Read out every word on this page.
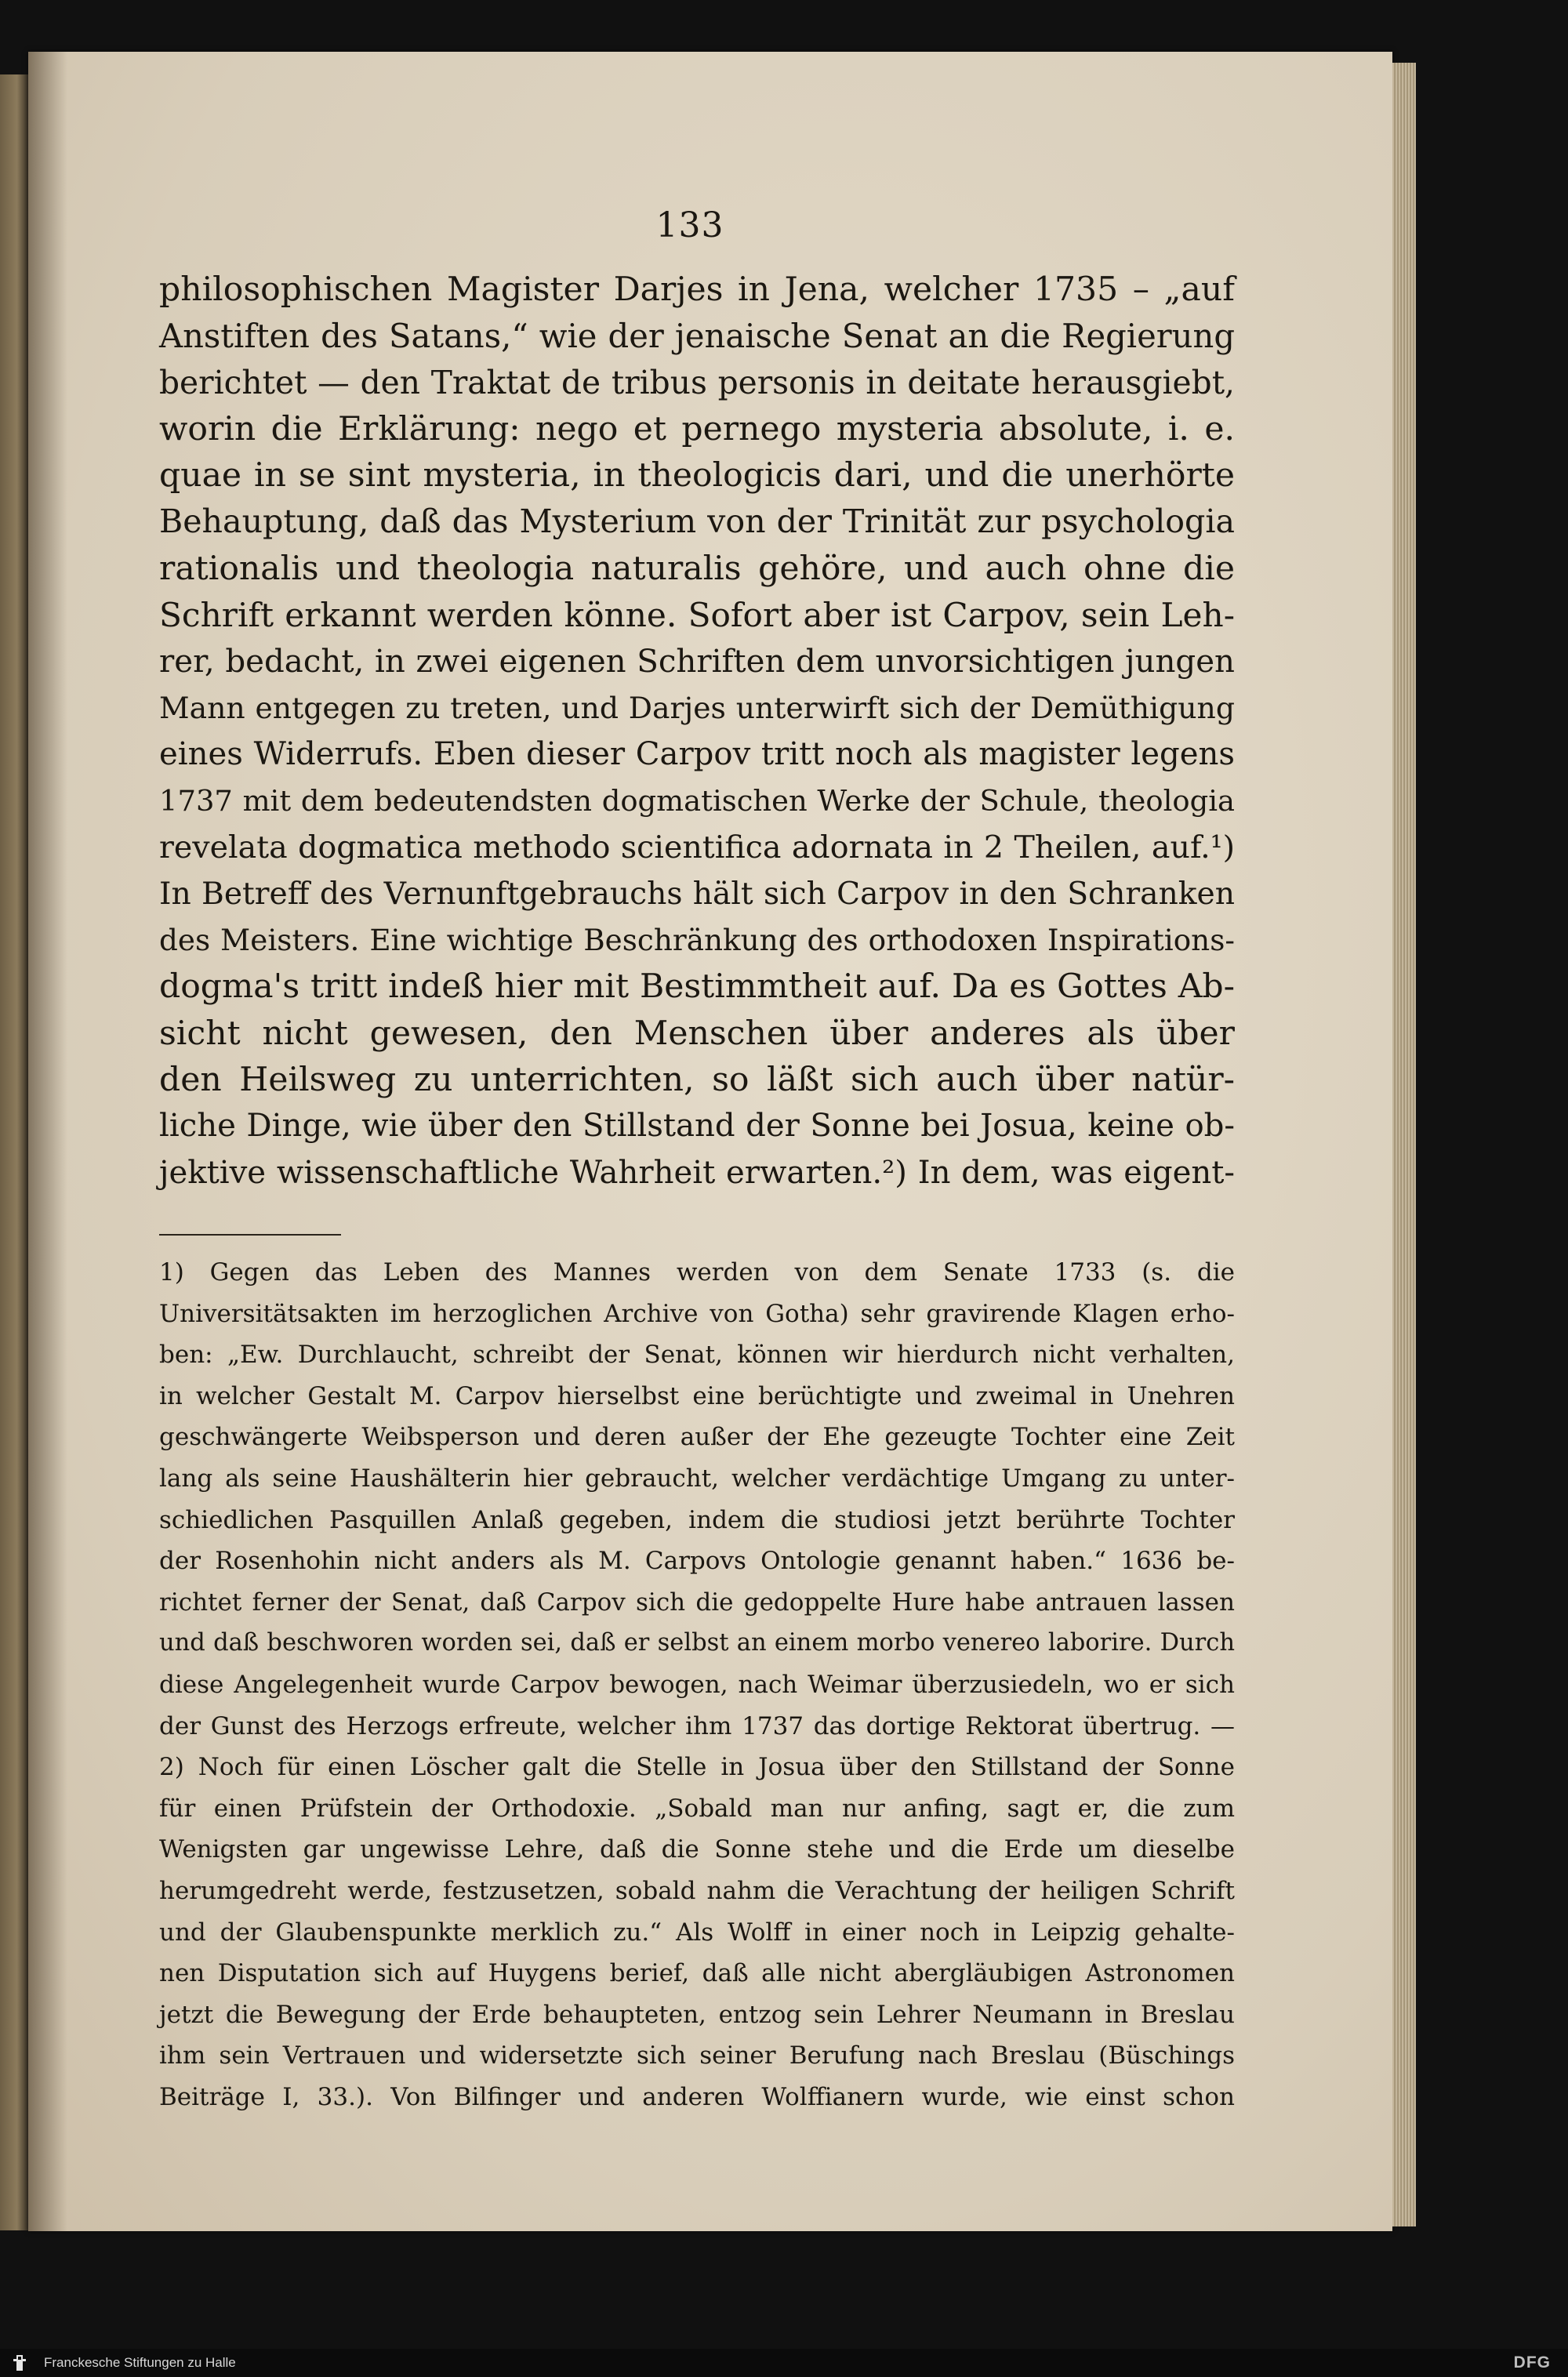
133
philosophischen Magister Darjes in Jena, welcher 1735 – „auf
Anstiften des Satans,“ wie der jenaische Senat an die Regierung
berichtet — den Traktat de tribus personis in deitate herausgiebt,
worin die Erklärung: nego et pernego mysteria absolute, i. e.
quae in se sint mysteria, in theologicis dari, und die unerhörte
Behauptung, daß das Mysterium von der Trinität zur psychologia
rationalis und theologia naturalis gehöre, und auch ohne die
Schrift erkannt werden könne. Sofort aber ist Carpov, sein Leh-
rer, bedacht, in zwei eigenen Schriften dem unvorsichtigen jungen
Mann entgegen zu treten, und Darjes unterwirft sich der Demüthigung
eines Widerrufs. Eben dieser Carpov tritt noch als magister legens
1737 mit dem bedeutendsten dogmatischen Werke der Schule, theologia
revelata dogmatica methodo scientifica adornata in 2 Theilen, auf.¹)
In Betreff des Vernunftgebrauchs hält sich Carpov in den Schranken
des Meisters. Eine wichtige Beschränkung des orthodoxen Inspirations-
dogma's tritt indeß hier mit Bestimmtheit auf. Da es Gottes Ab-
sicht nicht gewesen, den Menschen über anderes als über
den Heilsweg zu unterrichten, so läßt sich auch über natür-
liche Dinge, wie über den Stillstand der Sonne bei Josua, keine ob-
jektive wissenschaftliche Wahrheit erwarten.²) In dem, was eigent-
1) Gegen das Leben des Mannes werden von dem Senate 1733 (s. die
Universitätsakten im herzoglichen Archive von Gotha) sehr gravirende Klagen erho-
ben: „Ew. Durchlaucht, schreibt der Senat, können wir hierdurch nicht verhalten,
in welcher Gestalt M. Carpov hierselbst eine berüchtigte und zweimal in Unehren
geschwängerte Weibsperson und deren außer der Ehe gezeugte Tochter eine Zeit
lang als seine Haushälterin hier gebraucht, welcher verdächtige Umgang zu unter-
schiedlichen Pasquillen Anlaß gegeben, indem die studiosi jetzt berührte Tochter
der Rosenhohin nicht anders als M. Carpovs Ontologie genannt haben.“ 1636 be-
richtet ferner der Senat, daß Carpov sich die gedoppelte Hure habe antrauen lassen
und daß beschworen worden sei, daß er selbst an einem morbo venereo laborire. Durch
diese Angelegenheit wurde Carpov bewogen, nach Weimar überzusiedeln, wo er sich
der Gunst des Herzogs erfreute, welcher ihm 1737 das dortige Rektorat übertrug. —
2) Noch für einen Löscher galt die Stelle in Josua über den Stillstand der Sonne
für einen Prüfstein der Orthodoxie. „Sobald man nur anfing, sagt er, die zum
Wenigsten gar ungewisse Lehre, daß die Sonne stehe und die Erde um dieselbe
herumgedreht werde, festzusetzen, sobald nahm die Verachtung der heiligen Schrift
und der Glaubenspunkte merklich zu.“ Als Wolff in einer noch in Leipzig gehalte-
nen Disputation sich auf Huygens berief, daß alle nicht abergläubigen Astronomen
jetzt die Bewegung der Erde behaupteten, entzog sein Lehrer Neumann in Breslau
ihm sein Vertrauen und widersetzte sich seiner Berufung nach Breslau (Büschings
Beiträge I, 33.). Von Bilfinger und anderen Wolffianern wurde, wie einst schon
Franckesche Stiftungen zu Halle	DFG
